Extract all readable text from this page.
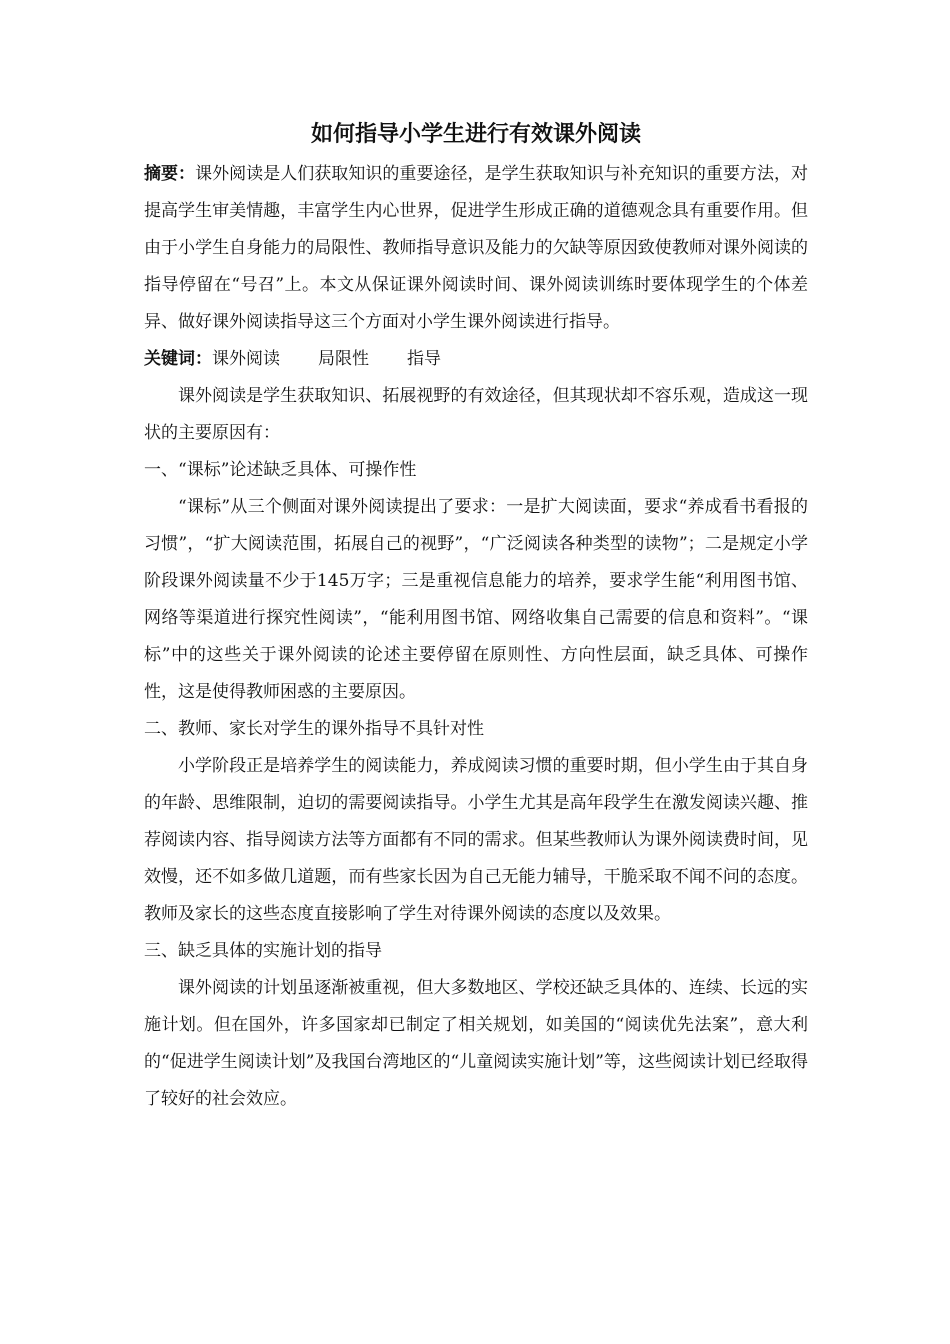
如何指导小学生进行有效课外阅读

摘要：课外阅读是人们获取知识的重要途径，是学生获取知识与补充知识的重要方法，对提高学生审美情趣，丰富学生内心世界，促进学生形成正确的道德观念具有重要作用。但由于小学生自身能力的局限性、教师指导意识及能力的欠缺等原因致使教师对课外阅读的指导停留在“号召”上。本文从保证课外阅读时间、课外阅读训练时要体现学生的个体差异、做好课外阅读指导这三个方面对小学生课外阅读进行指导。

关键词：课外阅读 局限性 指导

课外阅读是学生获取知识、拓展视野的有效途径，但其现状却不容乐观，造成这一现状的主要原因有：

一、“课标”论述缺乏具体、可操作性

“课标”从三个侧面对课外阅读提出了要求：一是扩大阅读面，要求“养成看书看报的习惯”，“扩大阅读范围，拓展自己的视野”，“广泛阅读各种类型的读物”；二是规定小学阶段课外阅读量不少于145万字；三是重视信息能力的培养，要求学生能“利用图书馆、网络等渠道进行探究性阅读”，“能利用图书馆、网络收集自己需要的信息和资料”。“课标”中的这些关于课外阅读的论述主要停留在原则性、方向性层面，缺乏具体、可操作性，这是使得教师困惑的主要原因。

二、教师、家长对学生的课外指导不具针对性

小学阶段正是培养学生的阅读能力，养成阅读习惯的重要时期，但小学生由于其自身的年龄、思维限制，迫切的需要阅读指导。小学生尤其是高年段学生在激发阅读兴趣、推荐阅读内容、指导阅读方法等方面都有不同的需求。但某些教师认为课外阅读费时间，见效慢，还不如多做几道题，而有些家长因为自己无能力辅导，干脆采取不闻不问的态度。教师及家长的这些态度直接影响了学生对待课外阅读的态度以及效果。

三、缺乏具体的实施计划的指导

课外阅读的计划虽逐渐被重视，但大多数地区、学校还缺乏具体的、连续、长远的实施计划。但在国外，许多国家却已制定了相关规划，如美国的“阅读优先法案”，意大利的“促进学生阅读计划”及我国台湾地区的“儿童阅读实施计划”等，这些阅读计划已经取得了较好的社会效应。
